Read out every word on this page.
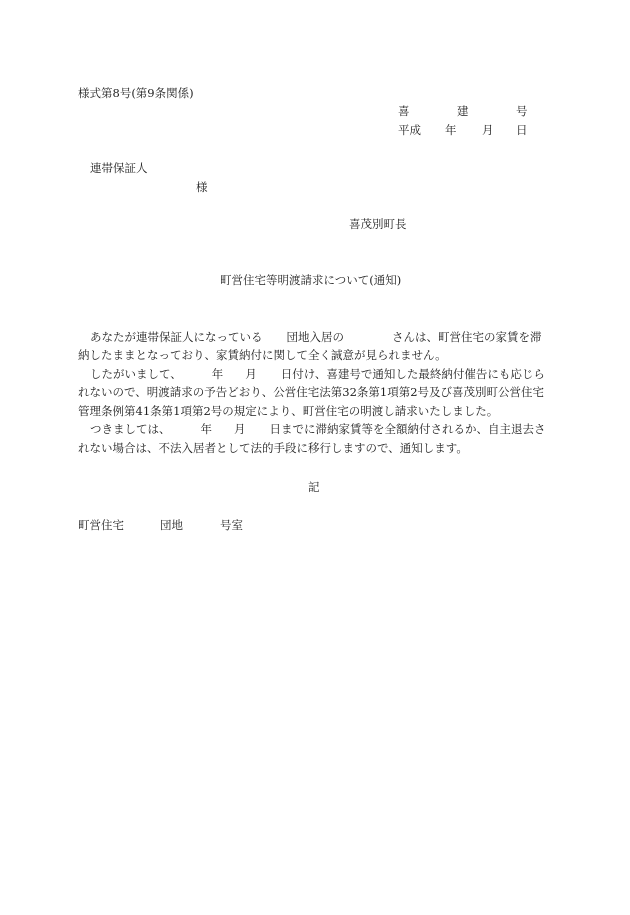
様式第8号(第9条関係)
喜	建	号
平成 年 月 日
連帯保証人
様
喜茂別町長
町営住宅等明渡請求について(通知)
あなたが連帯保証人になっている 団地入居の	さんは、町営住宅の家賃を滞
納したままとなっており、家賃納付に関して全く誠意が見られません。
したがいまして、	年 月 日付け、喜建号で通知した最終納付催告にも応じら
れないので、明渡請求の予告どおり、公営住宅法第32条第1項第2号及び喜茂別町公営住宅
管理条例第41条第1項第2号の規定により、町営住宅の明渡し請求いたしました。
つきましては、	年 月 日までに滞納家賃等を全額納付されるか、自主退去さ
れない場合は、不法入居者として法的手段に移行しますので、通知します。
記
町営住宅	団地	号室
